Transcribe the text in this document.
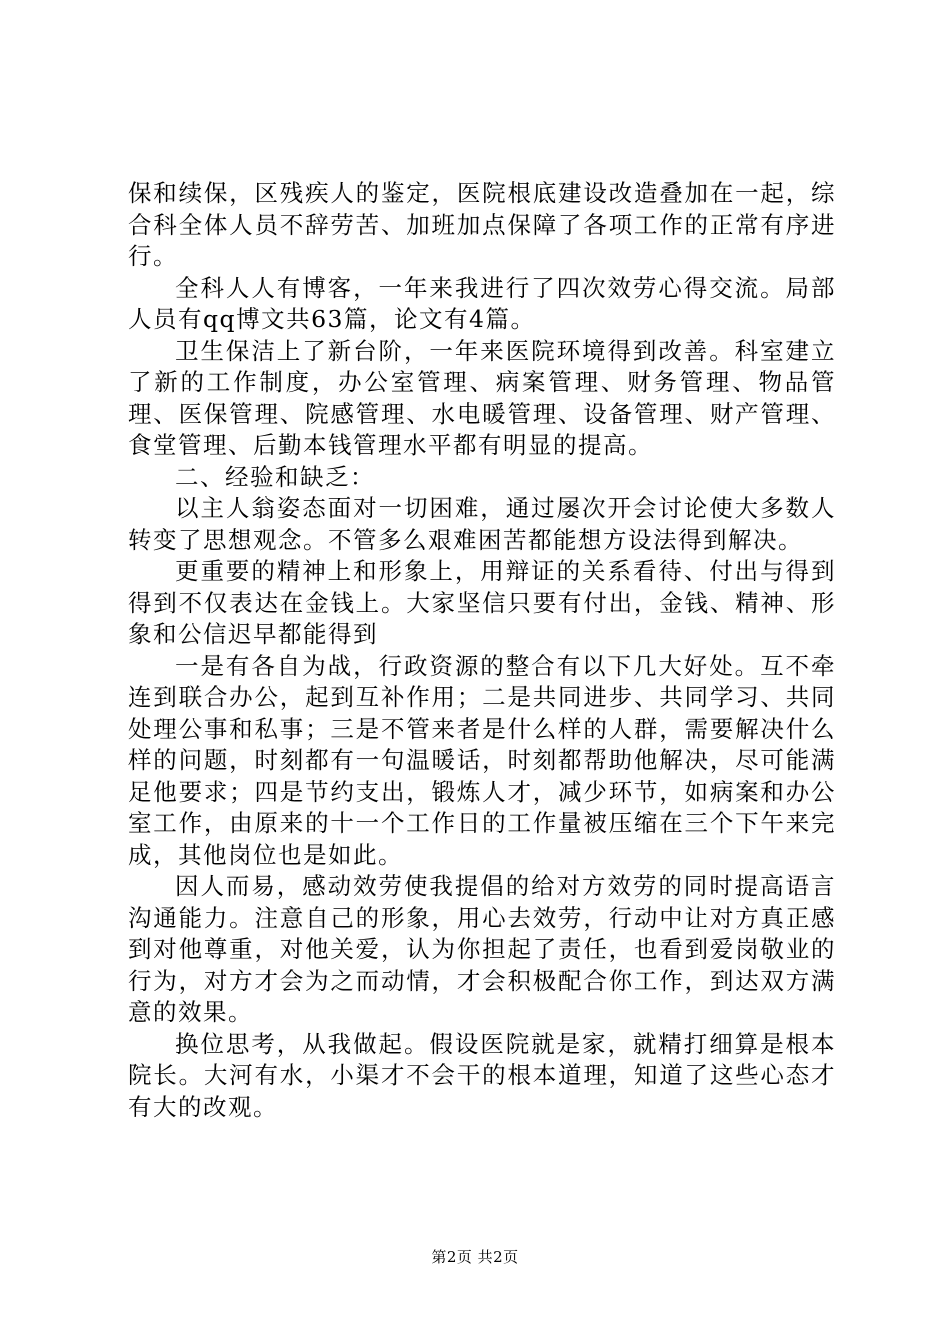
保和续保，区残疾人的鉴定，医院根底建设改造叠加在一起，综合科全体人员不辞劳苦、加班加点保障了各项工作的正常有序进行。

全科人人有博客，一年来我进行了四次效劳心得交流。局部人员有qq博文共63篇，论文有4篇。

卫生保洁上了新台阶，一年来医院环境得到改善。科室建立了新的工作制度，办公室管理、病案管理、财务管理、物品管理、医保管理、院感管理、水电暖管理、设备管理、财产管理、食堂管理、后勤本钱管理水平都有明显的提高。

二、经验和缺乏：

以主人翁姿态面对一切困难，通过屡次开会讨论使大多数人转变了思想观念。不管多么艰难困苦都能想方设法得到解决。

更重要的精神上和形象上，用辩证的关系看待、付出与得到得到不仅表达在金钱上。大家坚信只要有付出，金钱、精神、形象和公信迟早都能得到

一是有各自为战，行政资源的整合有以下几大好处。互不牵连到联合办公，起到互补作用；二是共同进步、共同学习、共同处理公事和私事；三是不管来者是什么样的人群，需要解决什么样的问题，时刻都有一句温暖话，时刻都帮助他解决，尽可能满足他要求；四是节约支出，锻炼人才，减少环节，如病案和办公室工作，由原来的十一个工作日的工作量被压缩在三个下午来完成，其他岗位也是如此。

因人而易，感动效劳使我提倡的给对方效劳的同时提高语言沟通能力。注意自己的形象，用心去效劳，行动中让对方真正感到对他尊重，对他关爱，认为你担起了责任，也看到爱岗敬业的行为，对方才会为之而动情，才会积极配合你工作，到达双方满意的效果。

换位思考，从我做起。假设医院就是家，就精打细算是根本院长。大河有水，小渠才不会干的根本道理，知道了这些心态才有大的改观。

第2页 共2页
